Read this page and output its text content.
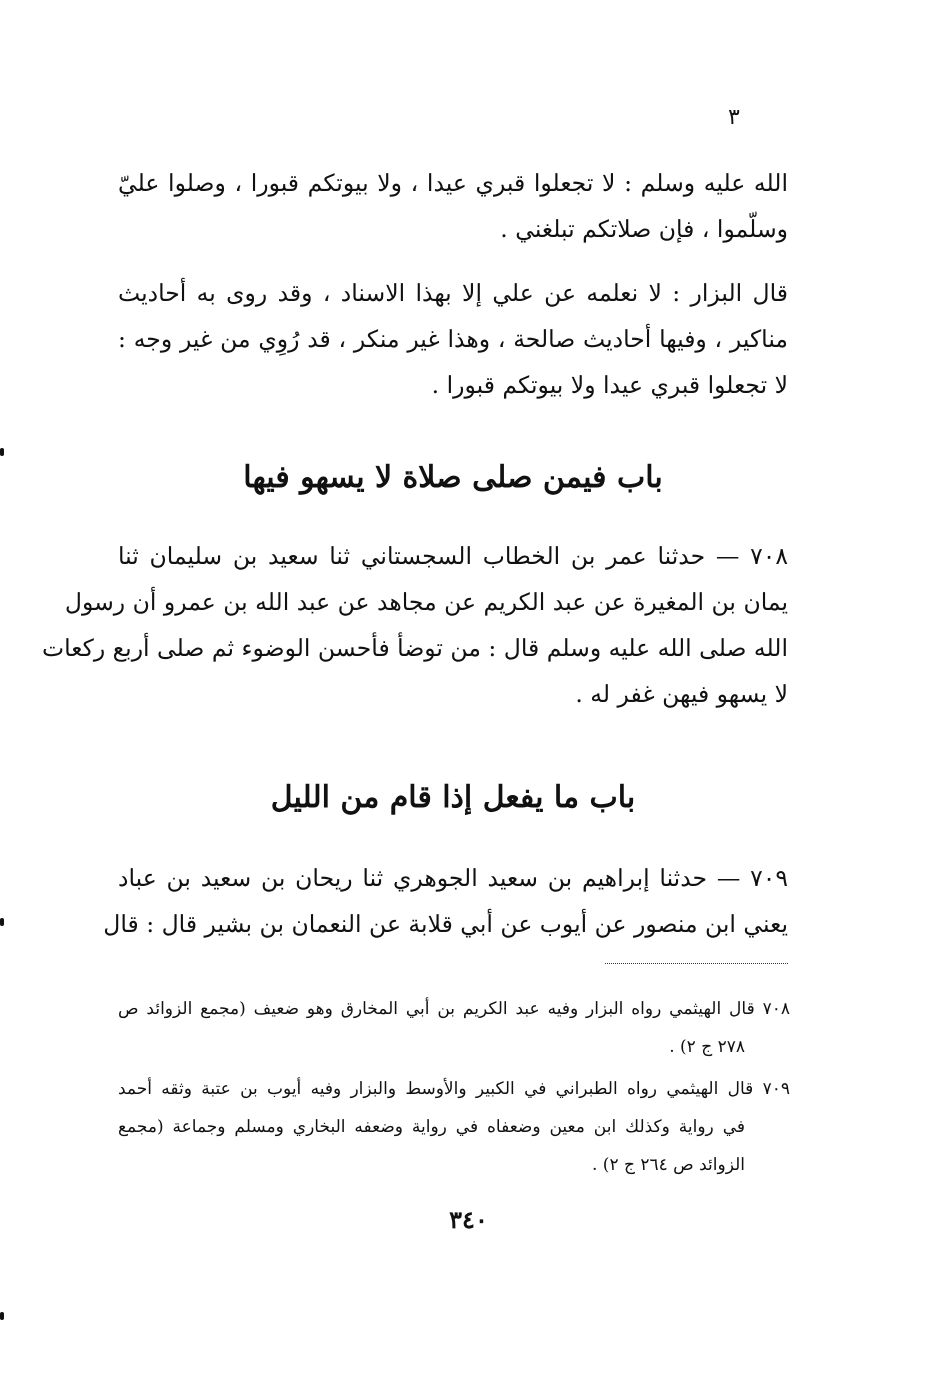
٣
الله عليه وسلم : لا تجعلوا قبري عيدا ، ولا بيوتكم قبورا ، وصلوا عليّ
وسلّموا ، فإن صلاتكم تبلغني .
قال البزار : لا نعلمه عن علي إلا بهذا الاسناد ، وقد روى به أحاديث
مناكير ، وفيها أحاديث صالحة ، وهذا غير منكر ، قد رُوِي من غير وجه :
لا تجعلوا قبري عيدا ولا بيوتكم قبورا .
باب فيمن صلى صلاة لا يسهو فيها
٧٠٨ — حدثنا عمر بن الخطاب السجستاني ثنا سعيد بن سليمان ثنا
يمان بن المغيرة عن عبد الكريم عن مجاهد عن عبد الله بن عمرو أن رسول
الله صلى الله عليه وسلم قال : من توضأ فأحسن الوضوء ثم صلى أربع ركعات
لا يسهو فيهن غفر له .
باب ما يفعل إذا قام من الليل
٧٠٩ — حدثنا إبراهيم بن سعيد الجوهري ثنا ريحان بن سعيد بن عباد
يعني ابن منصور عن أيوب عن أبي قلابة عن النعمان بن بشير قال : قال
٧٠٨ قال الهيثمي رواه البزار وفيه عبد الكريم بن أبي المخارق وهو ضعيف (مجمع الزوائد ص
٢٧٨ ج ٢) .
٧٠٩ قال الهيثمي رواه الطبراني في الكبير والأوسط والبزار وفيه أيوب بن عتبة وثقه أحمد
في رواية وكذلك ابن معين وضعفاه في رواية وضعفه البخاري ومسلم وجماعة (مجمع
الزوائد ص ٢٦٤ ج ٢) .
٣٤٠
